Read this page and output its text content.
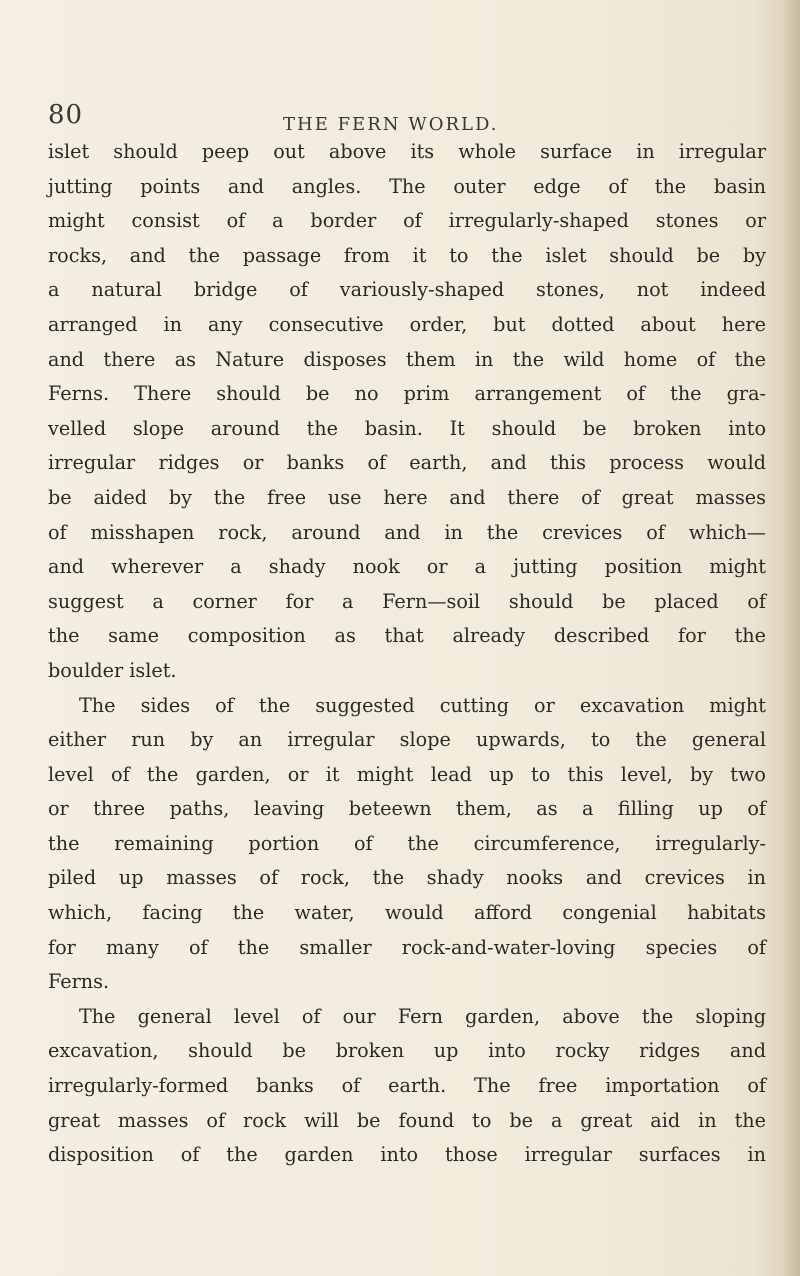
80	THE FERN WORLD.
islet should peep out above its whole surface in irregular
jutting points and angles. The outer edge of the basin
might consist of a border of irregularly-shaped stones or
rocks, and the passage from it to the islet should be by
a natural bridge of variously-shaped stones, not indeed
arranged in any consecutive order, but dotted about here
and there as Nature disposes them in the wild home of the
Ferns. There should be no prim arrangement of the gra-
velled slope around the basin. It should be broken into
irregular ridges or banks of earth, and this process would
be aided by the free use here and there of great masses
of misshapen rock, around and in the crevices of which—
and wherever a shady nook or a jutting position might
suggest a corner for a Fern—soil should be placed of
the same composition as that already described for the
boulder islet.
The sides of the suggested cutting or excavation might
either run by an irregular slope upwards, to the general
level of the garden, or it might lead up to this level, by two
or three paths, leaving beteewn them, as a filling up of
the remaining portion of the circumference, irregularly-
piled up masses of rock, the shady nooks and crevices in
which, facing the water, would afford congenial habitats
for many of the smaller rock-and-water-loving species of
Ferns.
The general level of our Fern garden, above the sloping
excavation, should be broken up into rocky ridges and
irregularly-formed banks of earth. The free importation of
great masses of rock will be found to be a great aid in the
disposition of the garden into those irregular surfaces in
